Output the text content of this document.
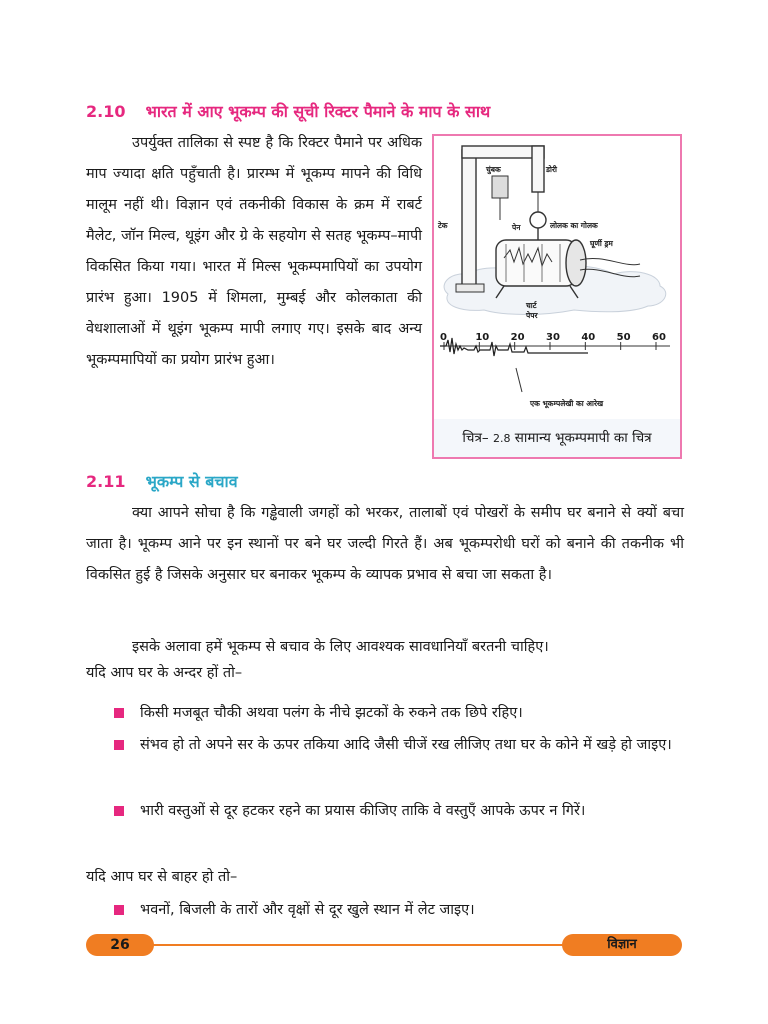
2.10 भारत में आए भूकम्प की सूची रिक्टर पैमाने के माप के साथ
उपर्युक्त तालिका से स्पष्ट है कि रिक्टर पैमाने पर अधिक माप ज्यादा क्षति पहुँचाती है। प्रारम्भ में भूकम्प मापने की विधि मालूम नहीं थी। विज्ञान एवं तकनीकी विकास के क्रम में राबर्ट मैलेट, जॉन मिल्व, थूइंग और ग्रे के सहयोग से सतह भूकम्प–मापी विकसित किया गया। भारत में मिल्स भूकम्पमापियों का उपयोग प्रारंभ हुआ। 1905 में शिमला, मुम्बई और कोलकाता की वेधशालाओं में थूइंग भूकम्प मापी लगाए गए। इसके बाद अन्य भूकम्पमापियों का प्रयोग प्रारंभ हुआ।
चुंबक	डोरी
टेक	पेन	लोलक का गोलक
घूर्णी ड्रम
चार्ट
पेपर
0	10 20 30 40 50 60
एक भूकम्पलेखी का आरेख
चित्र– 2.8 सामान्य भूकम्पमापी का चित्र
2.11 भूकम्प से बचाव
क्या आपने सोचा है कि गड्ढेवाली जगहों को भरकर, तालाबों एवं पोखरों के समीप घर बनाने से क्यों बचा जाता है। भूकम्प आने पर इन स्थानों पर बने घर जल्दी गिरते हैं। अब भूकम्परोधी घरों को बनाने की तकनीक भी विकसित हुई है जिसके अनुसार घर बनाकर भूकम्प के व्यापक प्रभाव से बचा जा सकता है।
इसके अलावा हमें भूकम्प से बचाव के लिए आवश्यक सावधानियाँ बरतनी चाहिए।
यदि आप घर के अन्दर हों तो–
किसी मजबूत चौकी अथवा पलंग के नीचे झटकों के रुकने तक छिपे रहिए।
संभव हो तो अपने सर के ऊपर तकिया आदि जैसी चीजें रख लीजिए तथा घर के कोने में खड़े हो जाइए।
भारी वस्तुओं से दूर हटकर रहने का प्रयास कीजिए ताकि वे वस्तुएँ आपके ऊपर न गिरें।
यदि आप घर से बाहर हो तो–
भवनों, बिजली के तारों और वृक्षों से दूर खुले स्थान में लेट जाइए।
26	विज्ञान
